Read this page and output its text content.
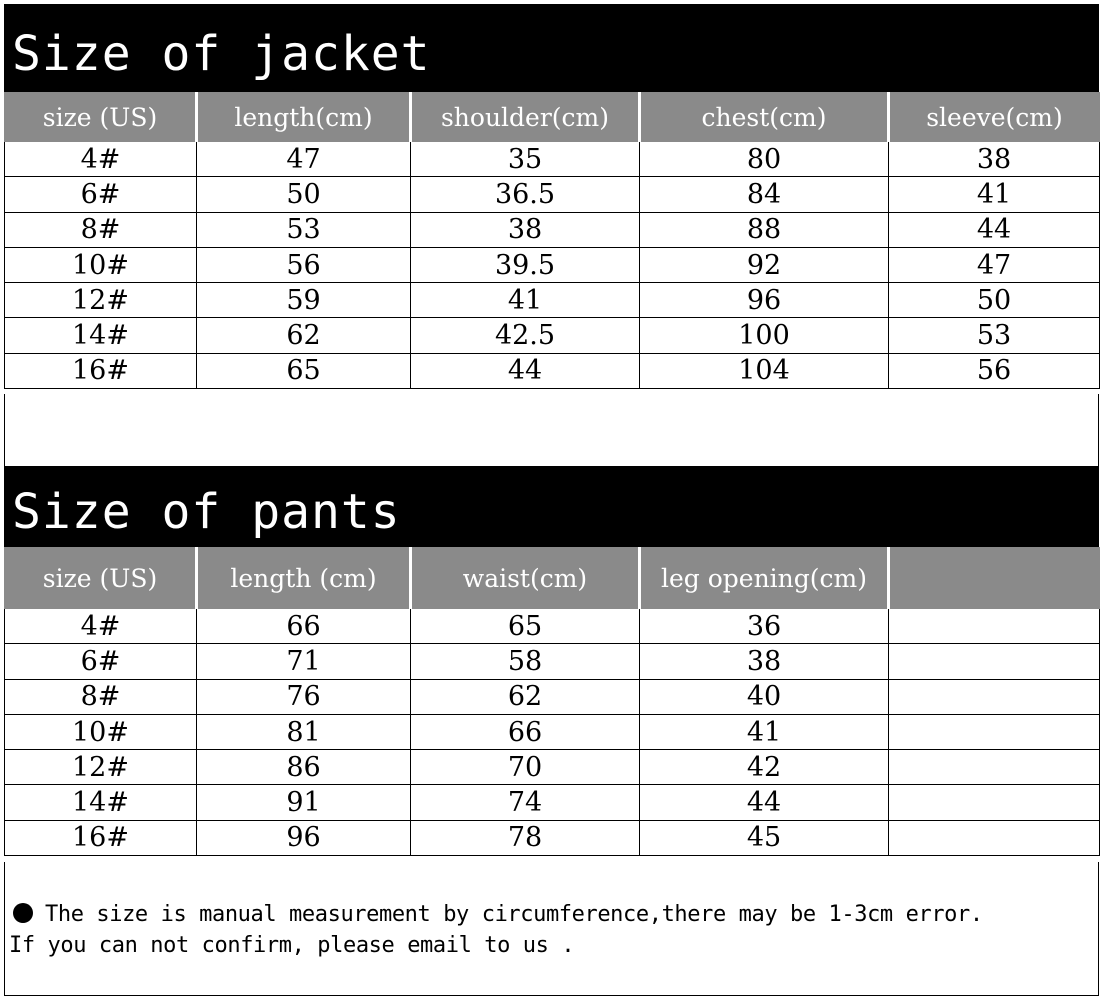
Size of jacket
size (US)	length(cm)	shoulder(cm)	chest(cm)	sleeve(cm)
4#	47	35	80	38
6#	50	36.5	84	41
8#	53	38	88	44
10#	56	39.5	92	47
12#	59	41	96	50
14#	62	42.5	100	53
16#	65	44	104	56
Size of pants
size (US)	length (cm)	waist(cm)	leg opening(cm)	
4#	66	65	36	
6#	71	58	38	
8#	76	62	40	
10#	81	66	41	
12#	86	70	42	
14#	91	74	44	
16#	96	78	45	
The size is manual measurement by circumference,there may be 1-3cm error.
If you can not confirm, please email to us .
